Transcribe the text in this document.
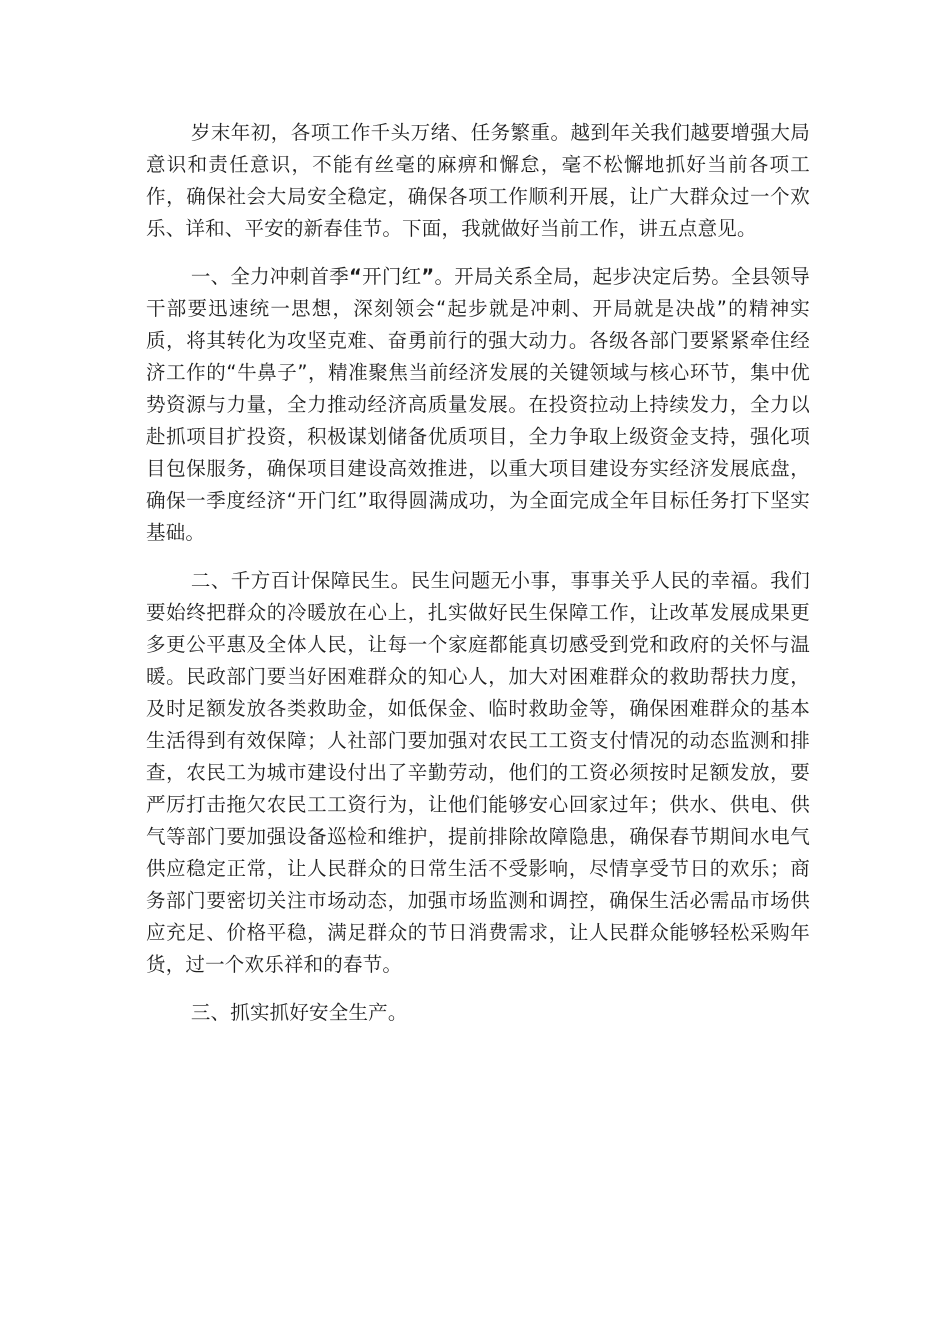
岁末年初，各项工作千头万绪、任务繁重。越到年关我们越要增强大局意识和责任意识，不能有丝毫的麻痹和懈怠，毫不松懈地抓好当前各项工作，确保社会大局安全稳定，确保各项工作顺利开展，让广大群众过一个欢乐、详和、平安的新春佳节。下面，我就做好当前工作，讲五点意见。

一、全力冲刺首季“开门红”。开局关系全局，起步决定后势。全县领导干部要迅速统一思想，深刻领会“起步就是冲刺、开局就是决战”的精神实质，将其转化为攻坚克难、奋勇前行的强大动力。各级各部门要紧紧牵住经济工作的“牛鼻子”，精准聚焦当前经济发展的关键领域与核心环节，集中优势资源与力量，全力推动经济高质量发展。在投资拉动上持续发力，全力以赴抓项目扩投资，积极谋划储备优质项目，全力争取上级资金支持，强化项目包保服务，确保项目建设高效推进，以重大项目建设夯实经济发展底盘，确保一季度经济“开门红”取得圆满成功，为全面完成全年目标任务打下坚实基础。

二、千方百计保障民生。民生问题无小事，事事关乎人民的幸福。我们要始终把群众的冷暖放在心上，扎实做好民生保障工作，让改革发展成果更多更公平惠及全体人民，让每一个家庭都能真切感受到党和政府的关怀与温暖。民政部门要当好困难群众的知心人，加大对困难群众的救助帮扶力度，及时足额发放各类救助金，如低保金、临时救助金等，确保困难群众的基本生活得到有效保障；人社部门要加强对农民工工资支付情况的动态监测和排查，农民工为城市建设付出了辛勤劳动，他们的工资必须按时足额发放，要严厉打击拖欠农民工工资行为，让他们能够安心回家过年；供水、供电、供气等部门要加强设备巡检和维护，提前排除故障隐患，确保春节期间水电气供应稳定正常，让人民群众的日常生活不受影响，尽情享受节日的欢乐；商务部门要密切关注市场动态，加强市场监测和调控，确保生活必需品市场供应充足、价格平稳，满足群众的节日消费需求，让人民群众能够轻松采购年货，过一个欢乐祥和的春节。

三、抓实抓好安全生产。
